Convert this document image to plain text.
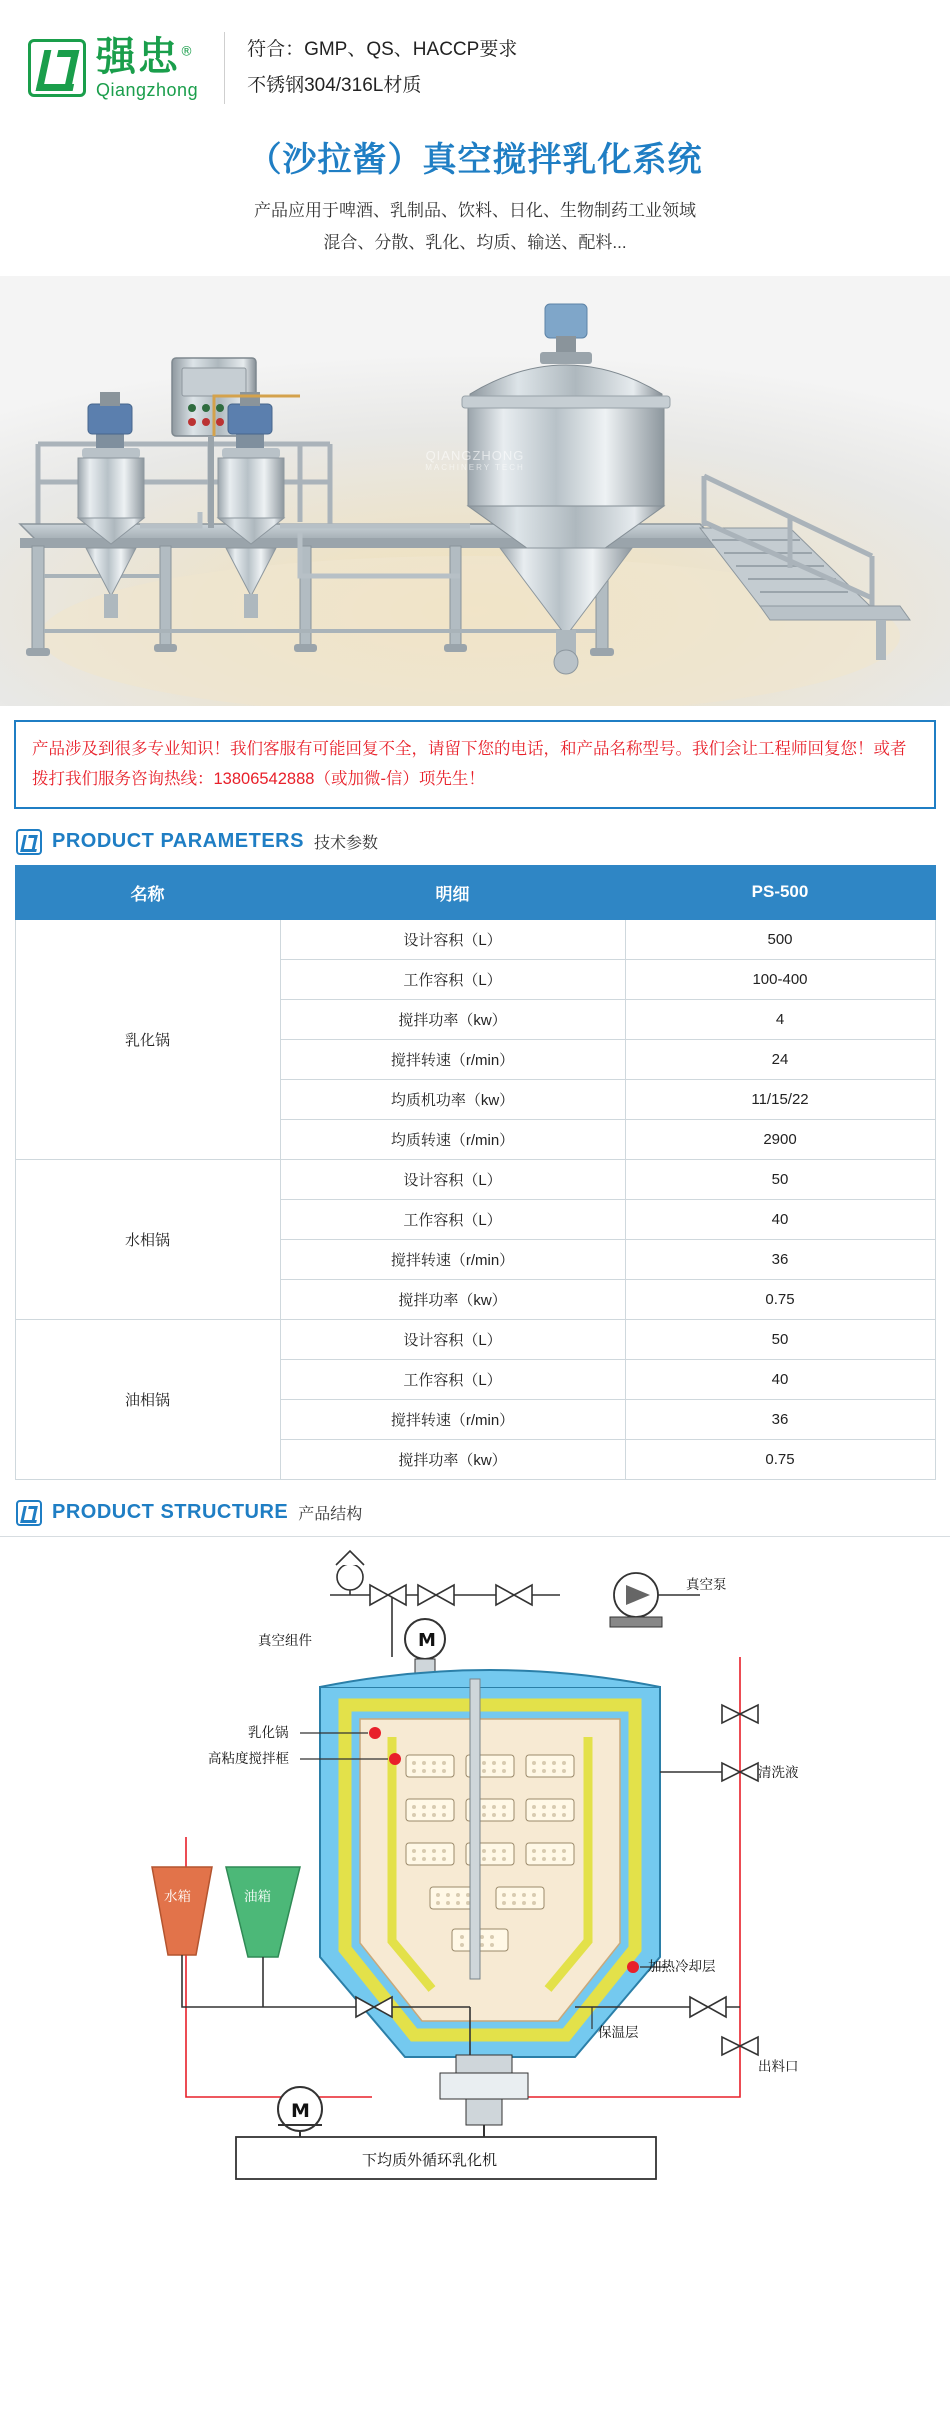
强忠®
Qiangzhong
符合：GMP、QS、HACCP要求
不锈钢304/316L材质
（沙拉酱）真空搅拌乳化系统
产品应用于啤酒、乳制品、饮料、日化、生物制药工业领域
混合、分散、乳化、均质、输送、配料...
QIANGZHONG
MACHINERY TECH
产品涉及到很多专业知识！我们客服有可能回复不全，请留下您的电话，和产品名称型号。我们会让工程师回复您！或者拨打我们服务咨询热线：13806542888（或加微-信）项先生！
PRODUCT PARAMETERS 技术参数
名称	明细	PS-500
乳化锅	设计容积（L）	500
	工作容积（L）	100-400
	搅拌功率（kw）	4
	搅拌转速（r/min）	24
	均质机功率（kw）	11/15/22
	均质转速（r/min）	2900
水相锅	设计容积（L）	50
	工作容积（L）	40
	搅拌转速（r/min）	36
	搅拌功率（kw）	0.75
油相锅	设计容积（L）	50
	工作容积（L）	40
	搅拌转速（r/min）	36
	搅拌功率（kw）	0.75
PRODUCT STRUCTURE 产品结构
真空泵
真空组件	M
清洗液
乳化锅
高粘度搅拌框
加热冷却层
保温层
水箱	油箱
出料口
M
下均质外循环乳化机
